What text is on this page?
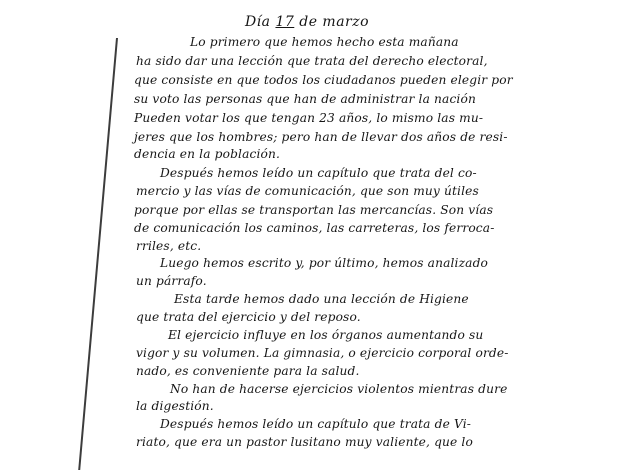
Día 17 de marzo
Lo primero que hemos hecho esta mañana
ha sido dar una lección que trata del derecho electoral,
que consiste en que todos los ciudadanos pueden elegir por
su voto las personas que han de administrar la nación
Pueden votar los que tengan 23 años, lo mismo las mu-
jeres que los hombres; pero han de llevar dos años de resi-
dencia en la población.
Después hemos leído un capítulo que trata del co-
mercio y las vías de comunicación, que son muy útiles
porque por ellas se transportan las mercancías. Son vías
de comunicación los caminos, las carreteras, los ferroca-
rriles, etc.
Luego hemos escrito y, por último, hemos analizado
un párrafo.
Esta tarde hemos dado una lección de Higiene
que trata del ejercicio y del reposo.
El ejercicio influye en los órganos aumentando su
vigor y su volumen. La gimnasia, o ejercicio corporal orde-
nado, es conveniente para la salud.
No han de hacerse ejercicios violentos mientras dure
la digestión.
Después hemos leído un capítulo que trata de Vi-
riato, que era un pastor lusitano muy valiente, que lo
